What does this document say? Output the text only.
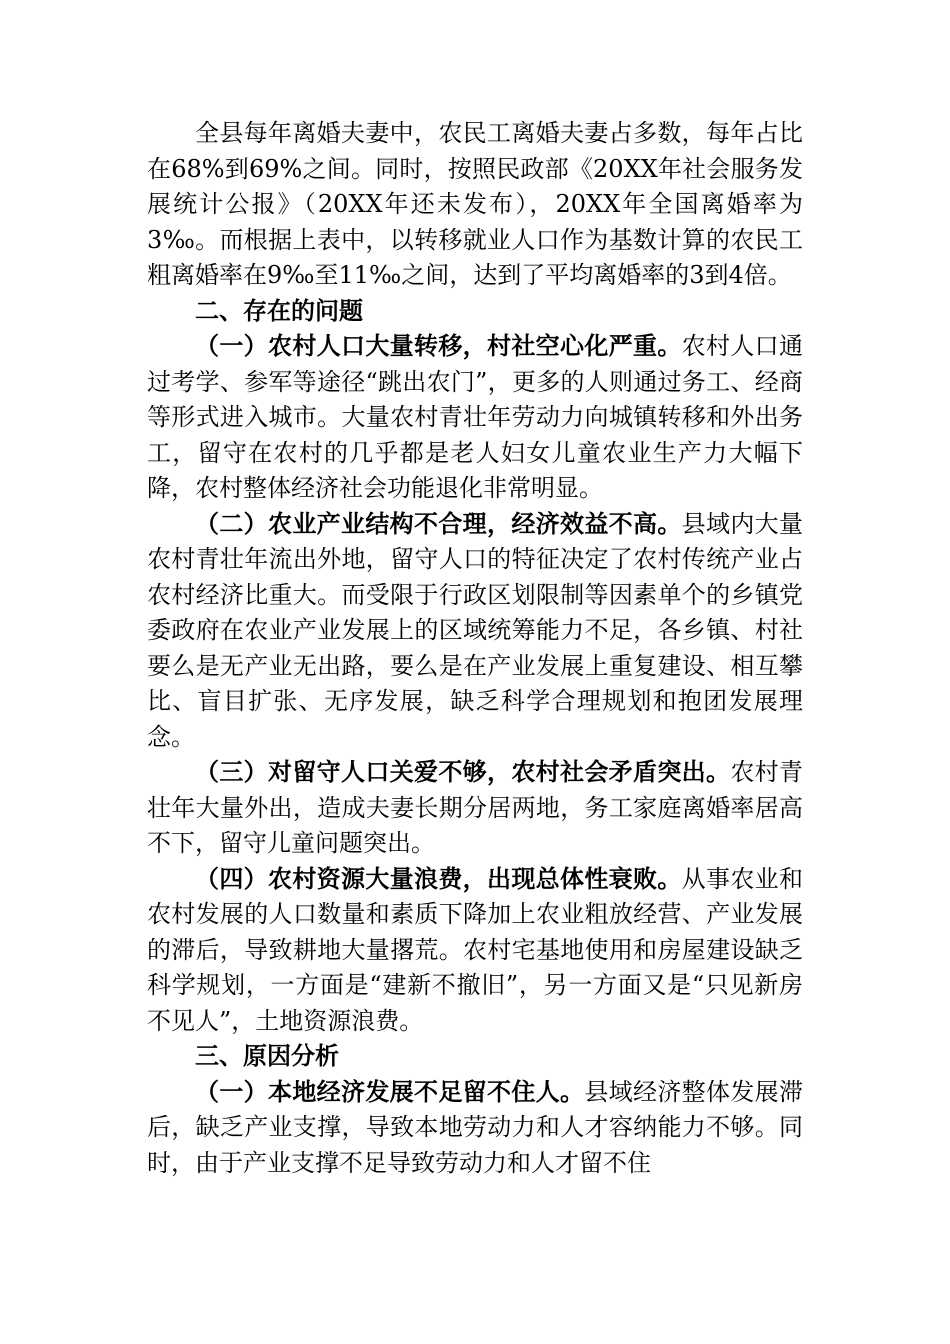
全县每年离婚夫妻中，农民工离婚夫妻占多数，每年占比在68%到69%之间。同时，按照民政部《20XX年社会服务发展统计公报》（20XX年还未发布），20XX年全国离婚率为3‰。而根据上表中，以转移就业人口作为基数计算的农民工粗离婚率在9‰至11‰之间，达到了平均离婚率的3到4倍。

二、存在的问题

（一）农村人口大量转移，村社空心化严重。农村人口通过考学、参军等途径“跳出农门”，更多的人则通过务工、经商等形式进入城市。大量农村青壮年劳动力向城镇转移和外出务工，留守在农村的几乎都是老人妇女儿童农业生产力大幅下降，农村整体经济社会功能退化非常明显。

（二）农业产业结构不合理，经济效益不高。县域内大量农村青壮年流出外地，留守人口的特征决定了农村传统产业占农村经济比重大。而受限于行政区划限制等因素单个的乡镇党委政府在农业产业发展上的区域统筹能力不足，各乡镇、村社要么是无产业无出路，要么是在产业发展上重复建设、相互攀比、盲目扩张、无序发展，缺乏科学合理规划和抱团发展理念。

（三）对留守人口关爱不够，农村社会矛盾突出。农村青壮年大量外出，造成夫妻长期分居两地，务工家庭离婚率居高不下，留守儿童问题突出。

（四）农村资源大量浪费，出现总体性衰败。从事农业和农村发展的人口数量和素质下降加上农业粗放经营、产业发展的滞后，导致耕地大量撂荒。农村宅基地使用和房屋建设缺乏科学规划，一方面是“建新不撤旧”，另一方面又是“只见新房不见人”，土地资源浪费。

三、原因分析

（一）本地经济发展不足留不住人。县域经济整体发展滞后，缺乏产业支撑，导致本地劳动力和人才容纳能力不够。同时，由于产业支撑不足导致劳动力和人才留不住
